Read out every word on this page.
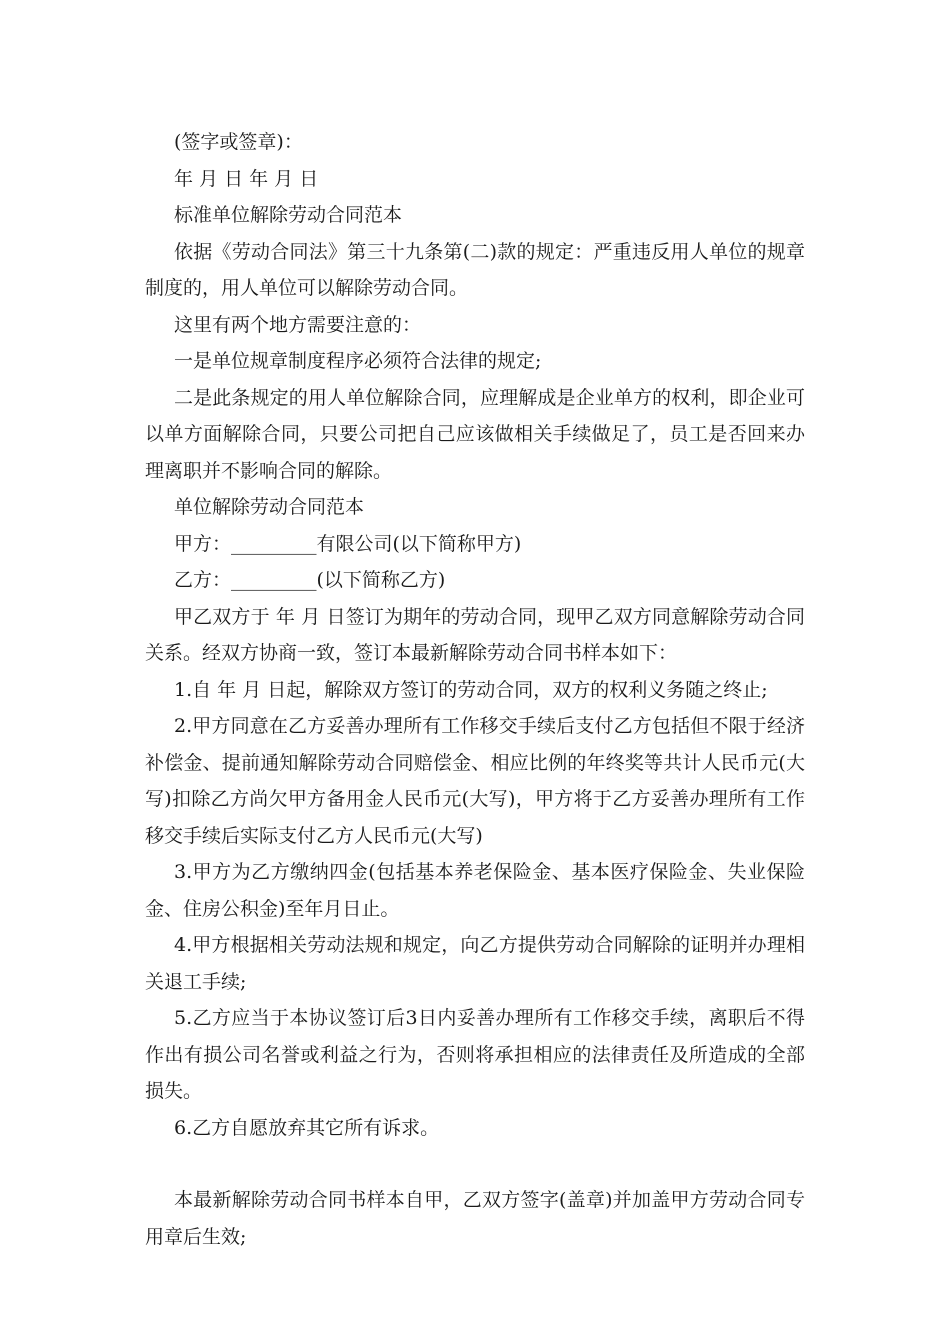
(签字或签章)：

年 月 日 年 月 日

标准单位解除劳动合同范本

依据《劳动合同法》第三十九条第(二)款的规定：严重违反用人单位的规章制度的，用人单位可以解除劳动合同。

这里有两个地方需要注意的：

一是单位规章制度程序必须符合法律的规定;

二是此条规定的用人单位解除合同，应理解成是企业单方的权利，即企业可以单方面解除合同，只要公司把自己应该做相关手续做足了，员工是否回来办理离职并不影响合同的解除。

单位解除劳动合同范本

甲方：_________有限公司(以下简称甲方)

乙方：_________(以下简称乙方)

甲乙双方于 年 月 日签订为期年的劳动合同，现甲乙双方同意解除劳动合同关系。经双方协商一致，签订本最新解除劳动合同书样本如下：

1.自 年 月 日起，解除双方签订的劳动合同，双方的权利义务随之终止;

2.甲方同意在乙方妥善办理所有工作移交手续后支付乙方包括但不限于经济补偿金、提前通知解除劳动合同赔偿金、相应比例的年终奖等共计人民币元(大写)扣除乙方尚欠甲方备用金人民币元(大写)，甲方将于乙方妥善办理所有工作移交手续后实际支付乙方人民币元(大写)

3.甲方为乙方缴纳四金(包括基本养老保险金、基本医疗保险金、失业保险金、住房公积金)至年月日止。

4.甲方根据相关劳动法规和规定，向乙方提供劳动合同解除的证明并办理相关退工手续;

5.乙方应当于本协议签订后3日内妥善办理所有工作移交手续，离职后不得作出有损公司名誉或利益之行为，否则将承担相应的法律责任及所造成的全部损失。

6.乙方自愿放弃其它所有诉求。

本最新解除劳动合同书样本自甲，乙双方签字(盖章)并加盖甲方劳动合同专用章后生效;
